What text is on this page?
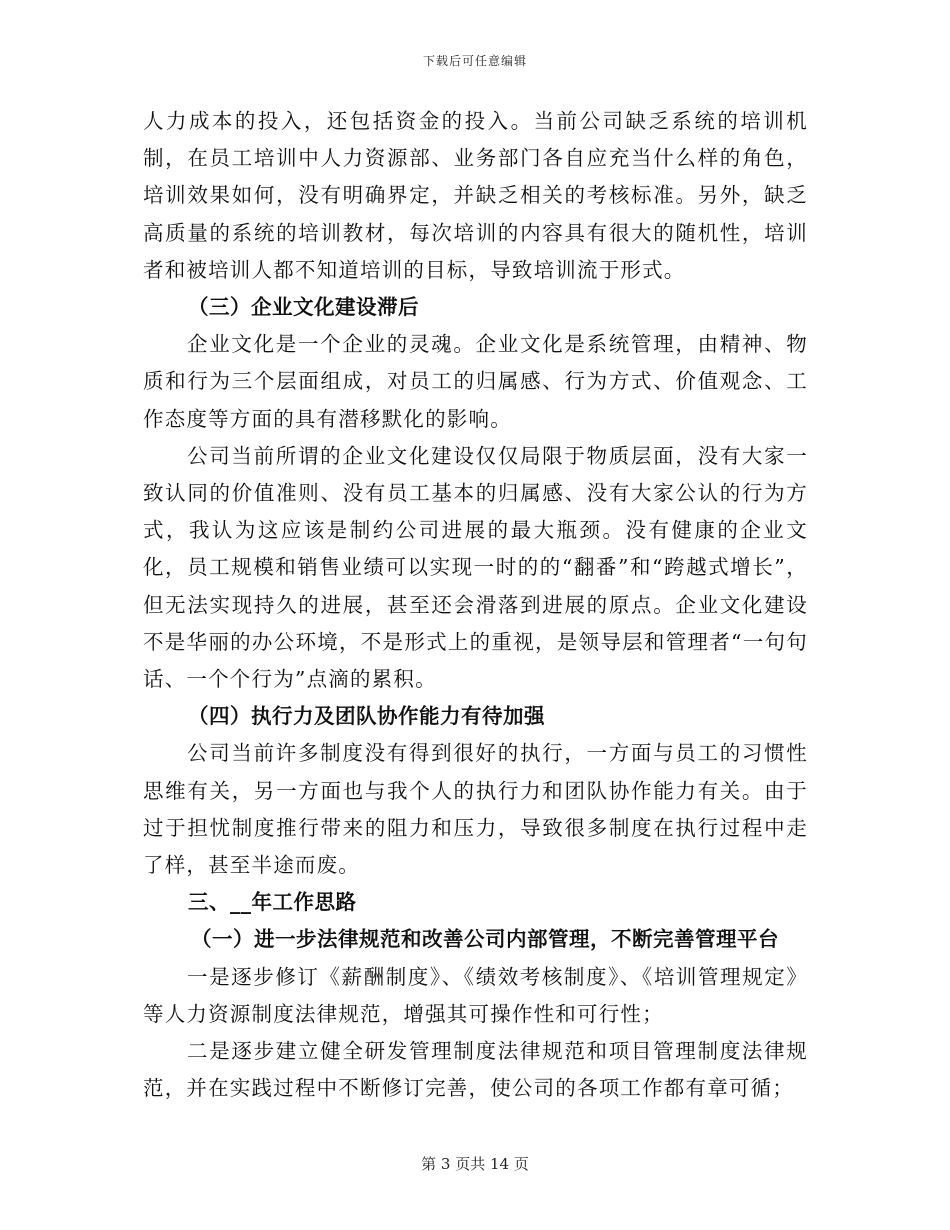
下载后可任意编辑

人力成本的投入，还包括资金的投入。当前公司缺乏系统的培训机制，在员工培训中人力资源部、业务部门各自应充当什么样的角色，培训效果如何，没有明确界定，并缺乏相关的考核标准。另外，缺乏高质量的系统的培训教材，每次培训的内容具有很大的随机性，培训者和被培训人都不知道培训的目标，导致培训流于形式。

（三）企业文化建设滞后

企业文化是一个企业的灵魂。企业文化是系统管理，由精神、物质和行为三个层面组成，对员工的归属感、行为方式、价值观念、工作态度等方面的具有潜移默化的影响。

公司当前所谓的企业文化建设仅仅局限于物质层面，没有大家一致认同的价值准则、没有员工基本的归属感、没有大家公认的行为方式，我认为这应该是制约公司进展的最大瓶颈。没有健康的企业文化，员工规模和销售业绩可以实现一时的的“翻番”和“跨越式增长”，但无法实现持久的进展，甚至还会滑落到进展的原点。企业文化建设不是华丽的办公环境，不是形式上的重视，是领导层和管理者“一句句话、一个个行为”点滴的累积。

（四）执行力及团队协作能力有待加强

公司当前许多制度没有得到很好的执行，一方面与员工的习惯性思维有关，另一方面也与我个人的执行力和团队协作能力有关。由于过于担忧制度推行带来的阻力和压力，导致很多制度在执行过程中走了样，甚至半途而废。

三、__年工作思路

（一）进一步法律规范和改善公司内部管理，不断完善管理平台

一是逐步修订《薪酬制度》、《绩效考核制度》、《培训管理规定》等人力资源制度法律规范，增强其可操作性和可行性；

二是逐步建立健全研发管理制度法律规范和项目管理制度法律规范，并在实践过程中不断修订完善，使公司的各项工作都有章可循；

第 3 页共 14 页
